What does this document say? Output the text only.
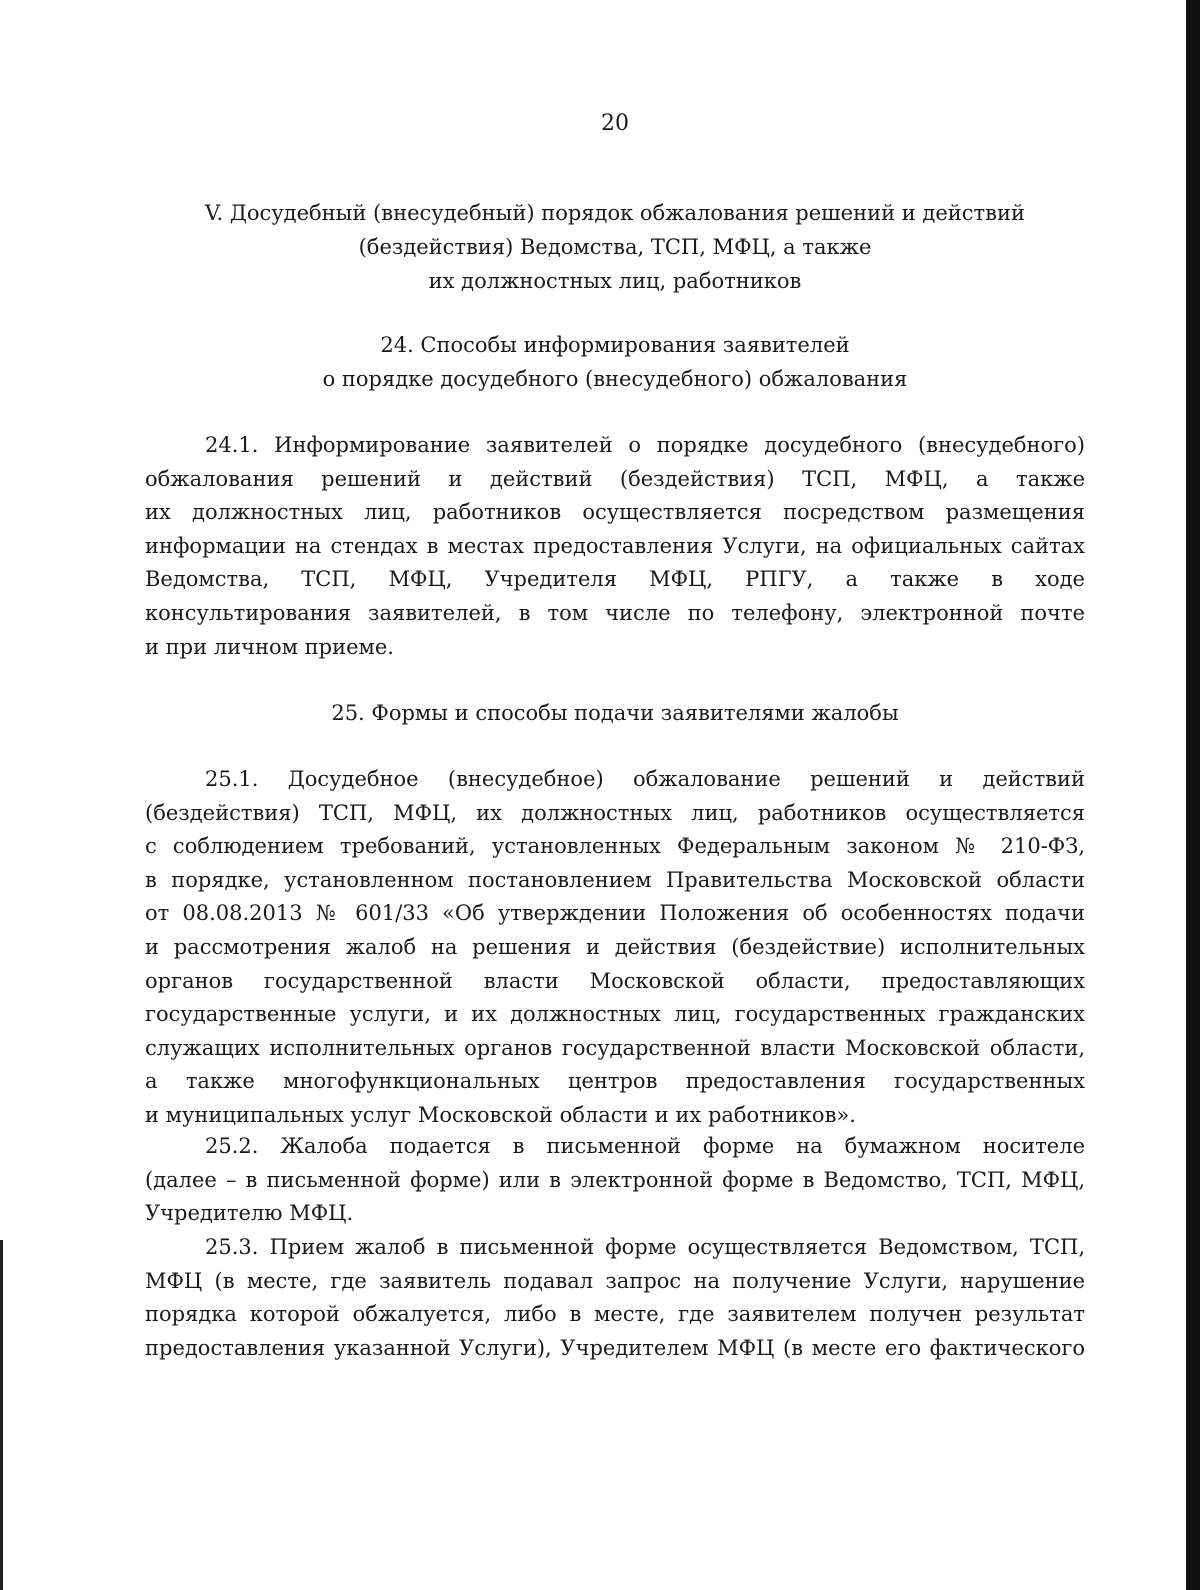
20
V. Досудебный (внесудебный) порядок обжалования решений и действий
(бездействия) Ведомства, ТСП, МФЦ, а также
их должностных лиц, работников
24. Способы информирования заявителей
о порядке досудебного (внесудебного) обжалования
24.1. Информирование заявителей о порядке досудебного (внесудебного)
обжалования решений и действий (бездействия) ТСП, МФЦ, а также
их должностных лиц, работников осуществляется посредством размещения
информации на стендах в местах предоставления Услуги, на официальных сайтах
Ведомства, ТСП, МФЦ, Учредителя МФЦ, РПГУ, а также в ходе
консультирования заявителей, в том числе по телефону, электронной почте
и при личном приеме.
25. Формы и способы подачи заявителями жалобы
25.1. Досудебное (внесудебное) обжалование решений и действий
(бездействия) ТСП, МФЦ, их должностных лиц, работников осуществляется
с соблюдением требований, установленных Федеральным законом № 210-ФЗ,
в порядке, установленном постановлением Правительства Московской области
от 08.08.2013 № 601/33 «Об утверждении Положения об особенностях подачи
и рассмотрения жалоб на решения и действия (бездействие) исполнительных
органов государственной власти Московской области, предоставляющих
государственные услуги, и их должностных лиц, государственных гражданских
служащих исполнительных органов государственной власти Московской области,
а также многофункциональных центров предоставления государственных
и муниципальных услуг Московской области и их работников».
25.2. Жалоба подается в письменной форме на бумажном носителе
(далее – в письменной форме) или в электронной форме в Ведомство, ТСП, МФЦ,
Учредителю МФЦ.
25.3. Прием жалоб в письменной форме осуществляется Ведомством, ТСП,
МФЦ (в месте, где заявитель подавал запрос на получение Услуги, нарушение
порядка которой обжалуется, либо в месте, где заявителем получен результат
предоставления указанной Услуги), Учредителем МФЦ (в месте его фактического
